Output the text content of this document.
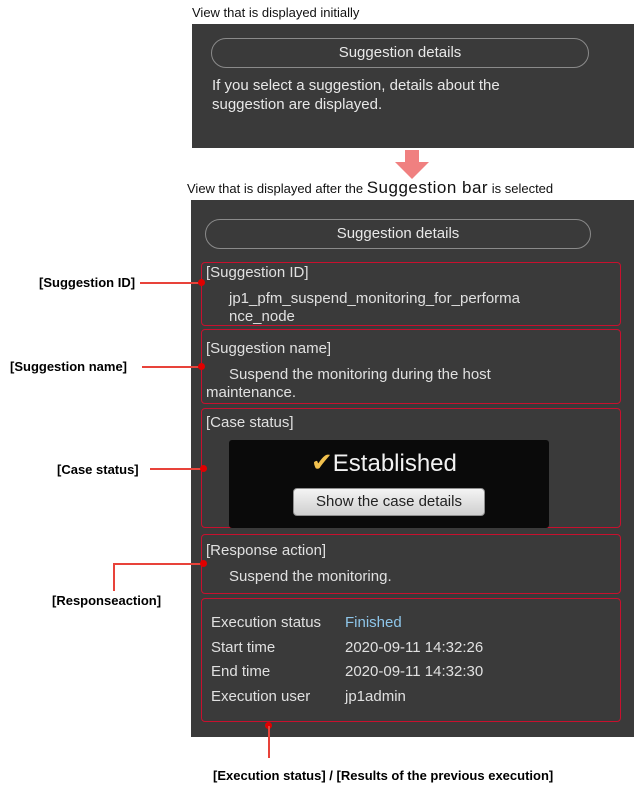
View that is displayed initially
Suggestion details
If you select a suggestion, details about the
suggestion are displayed.
View that is displayed after the Suggestion bar is selected
Suggestion details
[Suggestion ID]
jp1_pfm_suspend_monitoring_for_performa
nce_node
[Suggestion name]
Suspend the monitoring during the host
maintenance.
[Case status]
✔Established
Show the case details
[Response action]
Suspend the monitoring.
Execution status Finished
Start time	2020-09-11 14:32:26
End time	2020-09-11 14:32:30
Execution user jp1admin
[Suggestion ID]
[Suggestion name]
[Case status]
[Responseaction]
[Execution status] / [Results of the previous execution]
